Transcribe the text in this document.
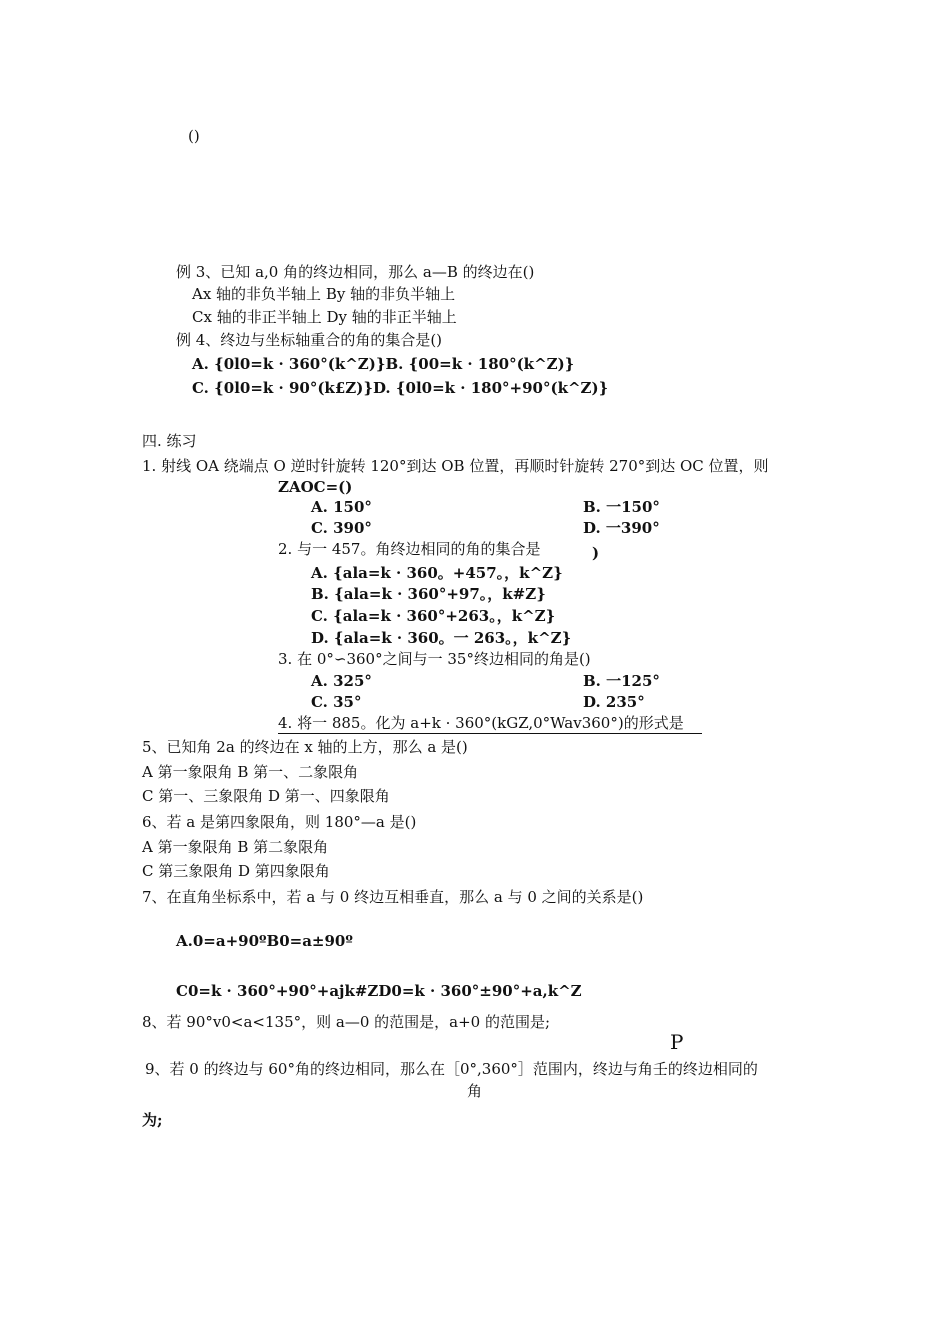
()
例 3、已知 a,0 角的终边相同，那么 a—B 的终边在()
Ax 轴的非负半轴上 By 轴的非负半轴上
Cx 轴的非正半轴上 Dy 轴的非正半轴上
例 4、终边与坐标轴重合的角的集合是()
A. {0l0=k · 360°(k^Z)}B. {00=k · 180°(k^Z)}
C. {0l0=k · 90°(k£Z)}D. {0l0=k · 180°+90°(k^Z)}
四. 练习
1. 射线 OA 绕端点 O 逆时针旋转 120°到达 OB 位置，再顺时针旋转 270°到达 OC 位置，则
ZAOC=()
A. 150°	B. 一150°
C. 390°	D. 一390°
2. 与一 457。角终边相同的角的集合是	)
A. {ala=k · 360。+457。，k^Z}
B. {ala=k · 360°+97。，k#Z}
C. {ala=k · 360°+263。，k^Z}
D. {ala=k · 360。一 263。，k^Z}
3. 在 0°∽360°之间与一 35°终边相同的角是()
A. 325°	B. 一125°
C. 35°	D. 235°
4. 将一 885。化为 a+k · 360°(kGZ,0°Wav360°)的形式是
5、已知角 2a 的终边在 x 轴的上方，那么 a 是()
A 第一象限角 B 第一、二象限角
C 第一、三象限角 D 第一、四象限角
6、若 a 是第四象限角，则 180°—a 是()
A 第一象限角 B 第二象限角
C 第三象限角 D 第四象限角
7、在直角坐标系中，若 a 与 0 终边互相垂直，那么 a 与 0 之间的关系是()
A.0=a+90ºB0=a±90º
C0=k · 360°+90°+ajk#ZD0=k · 360°±90°+a,k^Z
8、若 90°v0<a<135°，则 a—0 的范围是，a+0 的范围是;
P
9、若 0 的终边与 60°角的终边相同，那么在［0°,360°］范围内，终边与角壬的终边相同的
角
为;
